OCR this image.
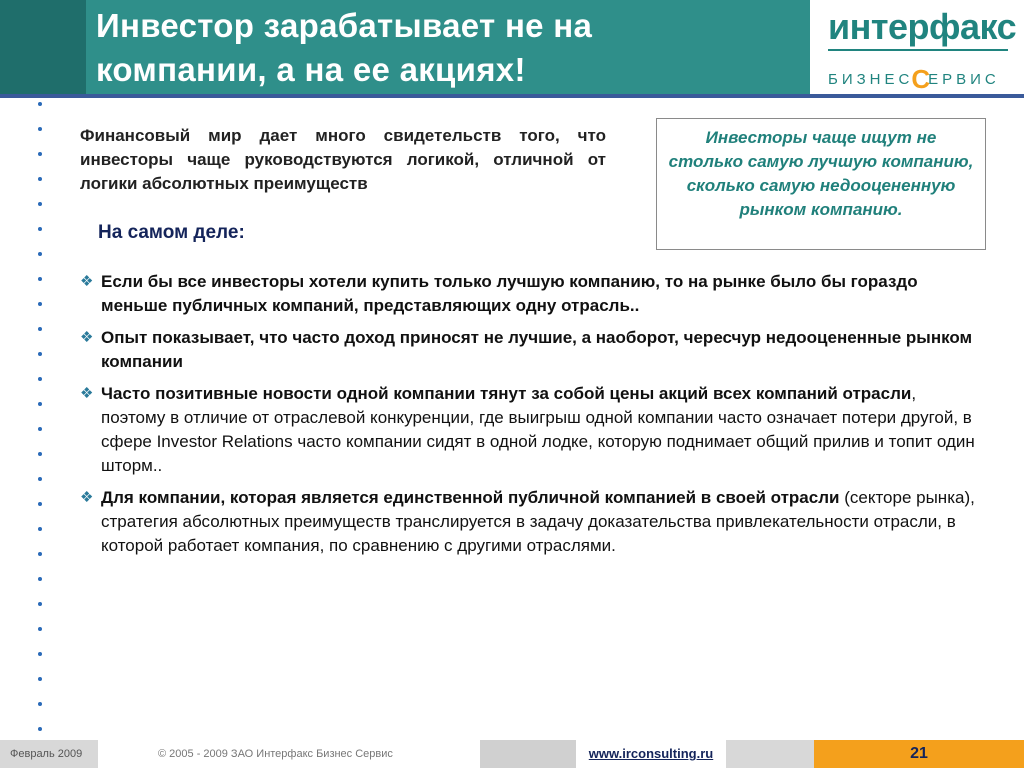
Инвестор зарабатывает не на
компании, а на ее акциях!
интерфакс
БИЗНЕССЕРВИС
Финансовый мир дает много свидетельств того, что инвесторы чаще руководствуются логикой, отличной от логики абсолютных преимуществ
Инвесторы чаще ищут не столько самую лучшую компанию, сколько самую недооцененную рынком компанию.
На самом деле:
❖ Если бы все инвесторы хотели купить только лучшую компанию, то на рынке было бы гораздо меньше публичных компаний, представляющих одну отрасль..
❖ Опыт показывает, что часто доход приносят не лучшие, а наоборот, чересчур недооцененные рынком компании
❖ Часто позитивные новости одной компании тянут за собой цены акций всех компаний отрасли, поэтому в отличие от отраслевой конкуренции, где выигрыш одной компании часто означает потери другой, в сфере Investor Relations часто компании сидят в одной лодке, которую поднимает общий прилив и топит один шторм..
❖ Для компании, которая является единственной публичной компанией в своей отрасли (секторе рынка), стратегия абсолютных преимуществ транслируется в задачу доказательства привлекательности отрасли, в которой работает компания, по сравнению с другими отраслями.
Февраль 2009	© 2005 - 2009 ЗАО Интерфакс Бизнес Сервис	www.irconsulting.ru	21
